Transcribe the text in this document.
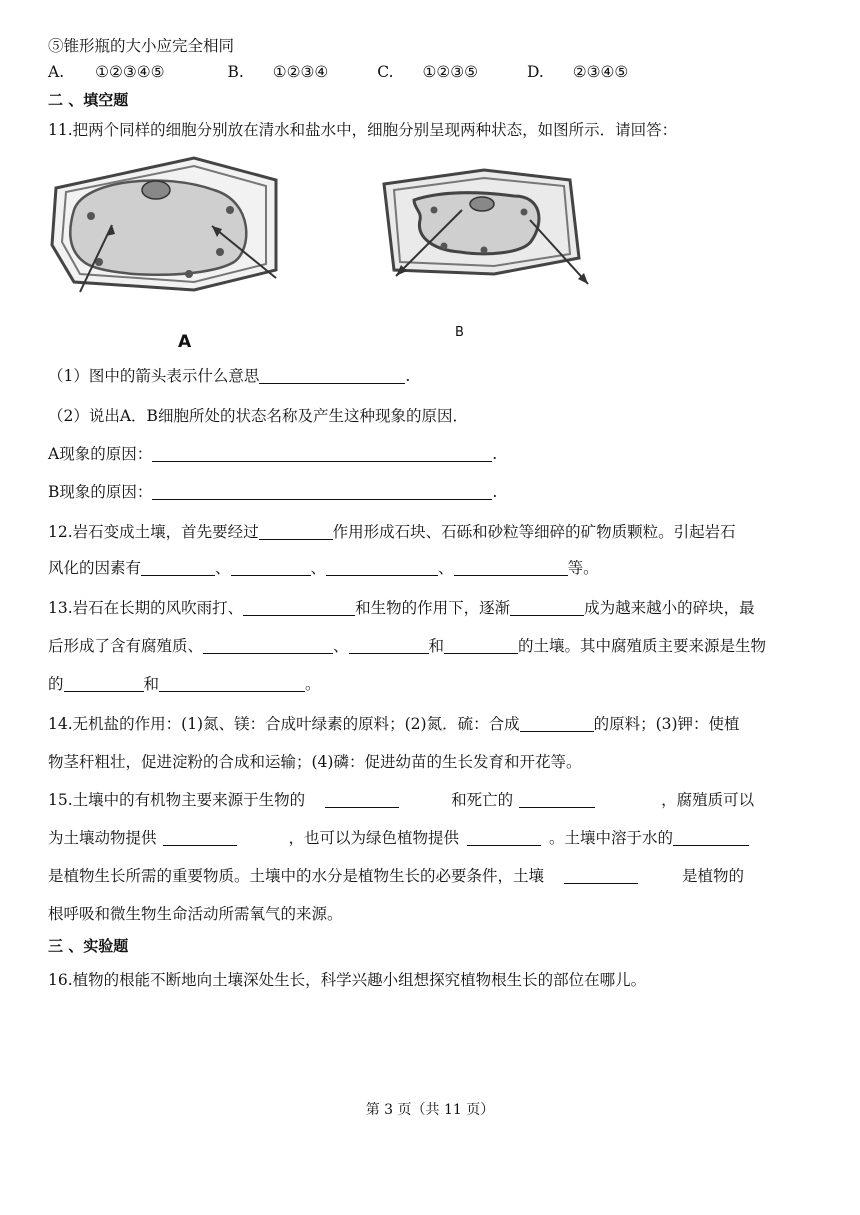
⑤锥形瓶的大小应完全相同
A. ①②③④⑤	B. ①②③④	C. ①②③⑤	D. ②③④⑤
二 、填空题
11.把两个同样的细胞分别放在清水和盐水中，细胞分别呈现两种状态，如图所示．请回答：
A	B
（1）图中的箭头表示什么意思	.
（2）说出A．B细胞所处的状态名称及产生这种现象的原因．
A现象的原因：	.
B现象的原因：	.
12.岩石变成土壤，首先要经过	作用形成石块、石砾和砂粒等细碎的矿物质颗粒。引起岩石
风化的因素有	、	、	、	等。
13.岩石在长期的风吹雨打、	和生物的作用下，逐渐	成为越来越小的碎块，最
后形成了含有腐殖质、	、	和	的土壤。其中腐殖质主要来源是生物
的	和	。
14.无机盐的作用：(1)氮、镁：合成叶绿素的原料；(2)氮．硫：合成	的原料；(3)钾：使植
物茎秆粗壮，促进淀粉的合成和运输；(4)磷：促进幼苗的生长发育和开花等。
15.土壤中的有机物主要来源于生物的	和死亡的	，腐殖质可以
为土壤动物提供	，也可以为绿色植物提供	。土壤中溶于水的
是植物生长所需的重要物质。土壤中的水分是植物生长的必要条件，土壤	是植物的
根呼吸和微生物生命活动所需氧气的来源。
三 、实验题
16.植物的根能不断地向土壤深处生长，科学兴趣小组想探究植物根生长的部位在哪儿。
第 3 页（共 11 页）
